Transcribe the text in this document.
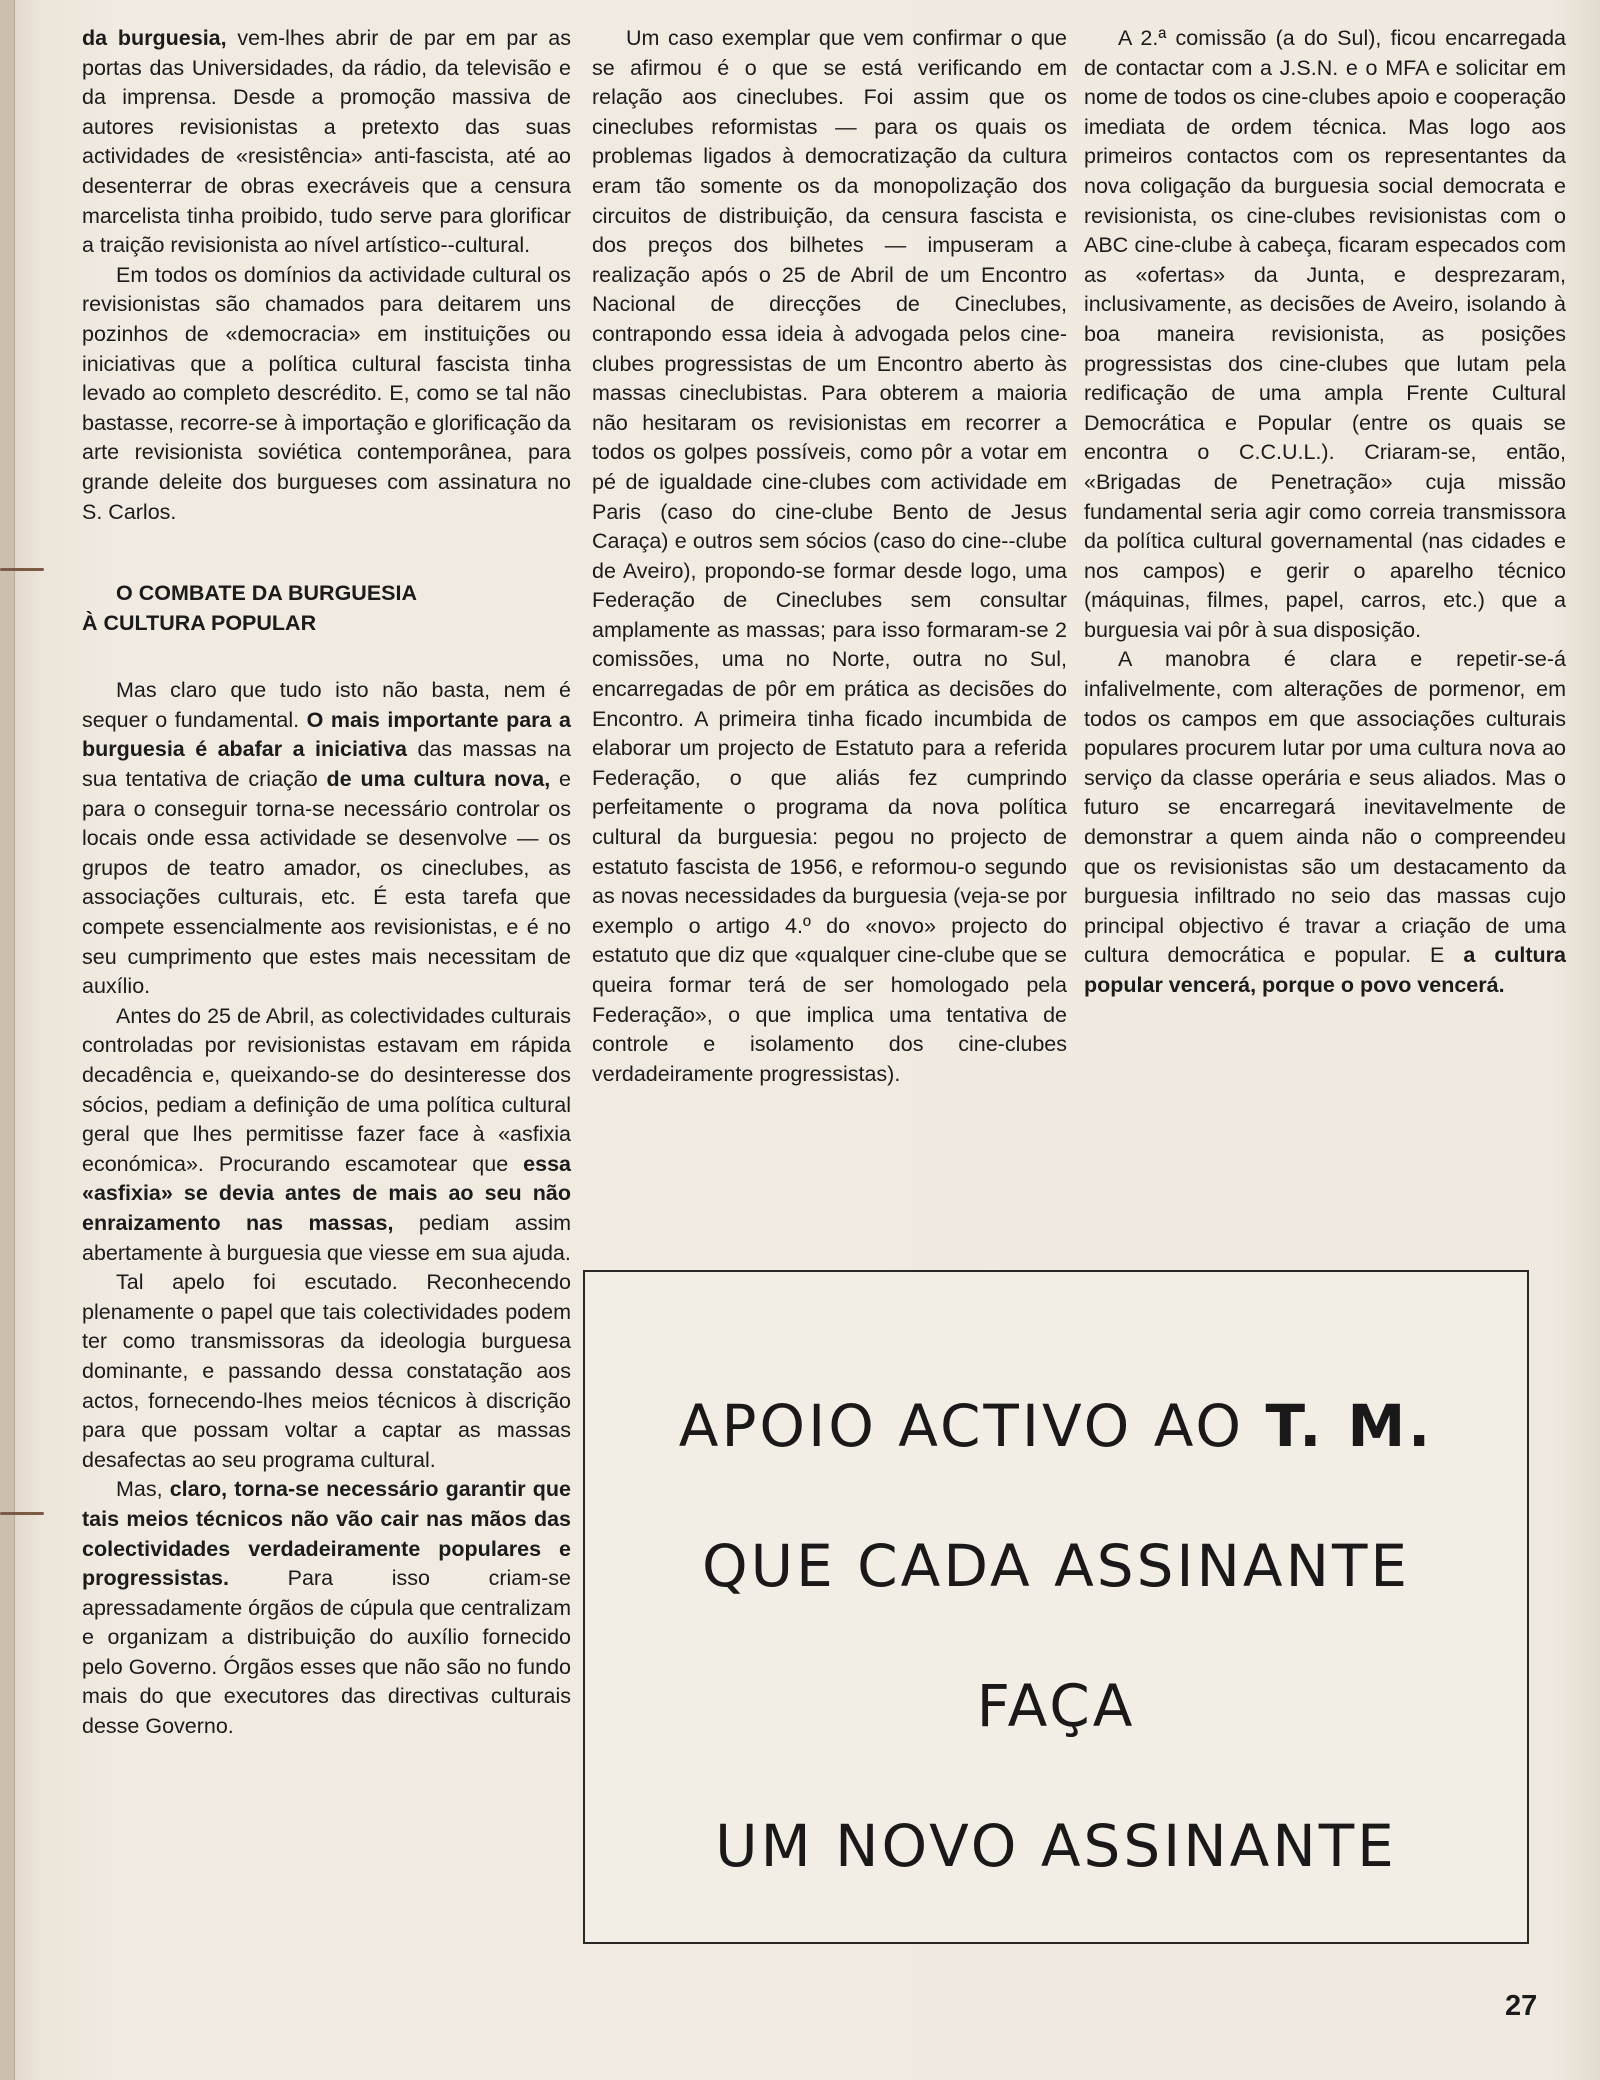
da burguesia, vem-lhes abrir de par em par as portas das Universidades, da rádio, da televisão e da imprensa. Desde a promoção massiva de autores revisionistas a pretexto das suas actividades de «resistência» anti-fascista, até ao desenterrar de obras execráveis que a censura marcelista tinha proibido, tudo serve para glorificar a traição revisionista ao nível artístico--cultural.

Em todos os domínios da actividade cultural os revisionistas são chamados para deitarem uns pozinhos de «democracia» em instituições ou iniciativas que a política cultural fascista tinha levado ao completo descrédito. E, como se tal não bastasse, recorre-se à importação e glorificação da arte revisionista soviética contemporânea, para grande deleite dos burgueses com assinatura no S. Carlos.

O COMBATE DA BURGUESIA
À CULTURA POPULAR

Mas claro que tudo isto não basta, nem é sequer o fundamental. O mais importante para a burguesia é abafar a iniciativa das massas na sua tentativa de criação de uma cultura nova, e para o conseguir torna-se necessário controlar os locais onde essa actividade se desenvolve — os grupos de teatro amador, os cineclubes, as associações culturais, etc. É esta tarefa que compete essencialmente aos revisionistas, e é no seu cumprimento que estes mais necessitam de auxílio.

Antes do 25 de Abril, as colectividades culturais controladas por revisionistas estavam em rápida decadência e, queixando-se do desinteresse dos sócios, pediam a definição de uma política cultural geral que lhes permitisse fazer face à «asfixia económica». Procurando escamotear que essa «asfixia» se devia antes de mais ao seu não enraizamento nas massas, pediam assim abertamente à burguesia que viesse em sua ajuda.

Tal apelo foi escutado. Reconhecendo plenamente o papel que tais colectividades podem ter como transmissoras da ideologia burguesa dominante, e passando dessa constatação aos actos, fornecendo-lhes meios técnicos à discrição para que possam voltar a captar as massas desafectas ao seu programa cultural.

Mas, claro, torna-se necessário garantir que tais meios técnicos não vão cair nas mãos das colectividades verdadeiramente populares e progressistas. Para isso criam-se apressadamente órgãos de cúpula que centralizam e organizam a distribuição do auxílio fornecido pelo Governo. Órgãos esses que não são no fundo mais do que executores das directivas culturais desse Governo.

Um caso exemplar que vem confirmar o que se afirmou é o que se está verificando em relação aos cineclubes. Foi assim que os cineclubes reformistas — para os quais os problemas ligados à democratização da cultura eram tão somente os da monopolização dos circuitos de distribuição, da censura fascista e dos preços dos bilhetes — impuseram a realização após o 25 de Abril de um Encontro Nacional de direcções de Cineclubes, contrapondo essa ideia à advogada pelos cine-clubes progressistas de um Encontro aberto às massas cineclubistas. Para obterem a maioria não hesitaram os revisionistas em recorrer a todos os golpes possíveis, como pôr a votar em pé de igualdade cine-clubes com actividade em Paris (caso do cine-clube Bento de Jesus Caraça) e outros sem sócios (caso do cine--clube de Aveiro), propondo-se formar desde logo, uma Federação de Cineclubes sem consultar amplamente as massas; para isso formaram-se 2 comissões, uma no Norte, outra no Sul, encarregadas de pôr em prática as decisões do Encontro. A primeira tinha ficado incumbida de elaborar um projecto de Estatuto para a referida Federação, o que aliás fez cumprindo perfeitamente o programa da nova política cultural da burguesia: pegou no projecto de estatuto fascista de 1956, e reformou-o segundo as novas necessidades da burguesia (veja-se por exemplo o artigo 4.º do «novo» projecto do estatuto que diz que «qualquer cine-clube que se queira formar terá de ser homologado pela Federação», o que implica uma tentativa de controle e isolamento dos cine-clubes verdadeiramente progressistas).

A 2.ª comissão (a do Sul), ficou encarregada de contactar com a J.S.N. e o MFA e solicitar em nome de todos os cine-clubes apoio e cooperação imediata de ordem técnica. Mas logo aos primeiros contactos com os representantes da nova coligação da burguesia social democrata e revisionista, os cine-clubes revisionistas com o ABC cine-clube à cabeça, ficaram especados com as «ofertas» da Junta, e desprezaram, inclusivamente, as decisões de Aveiro, isolando à boa maneira revisionista, as posições progressistas dos cine-clubes que lutam pela redificação de uma ampla Frente Cultural Democrática e Popular (entre os quais se encontra o C.C.U.L.). Criaram-se, então, «Brigadas de Penetração» cuja missão fundamental seria agir como correia transmissora da política cultural governamental (nas cidades e nos campos) e gerir o aparelho técnico (máquinas, filmes, papel, carros, etc.) que a burguesia vai pôr à sua disposição.

A manobra é clara e repetir-se-á infalivelmente, com alterações de pormenor, em todos os campos em que associações culturais populares procurem lutar por uma cultura nova ao serviço da classe operária e seus aliados. Mas o futuro se encarregará inevitavelmente de demonstrar a quem ainda não o compreendeu que os revisionistas são um destacamento da burguesia infiltrado no seio das massas cujo principal objectivo é travar a criação de uma cultura democrática e popular. E a cultura popular vencerá, porque o povo vencerá.

APOIO ACTIVO AO T. M.
QUE CADA ASSINANTE
FAÇA
UM NOVO ASSINANTE
27
